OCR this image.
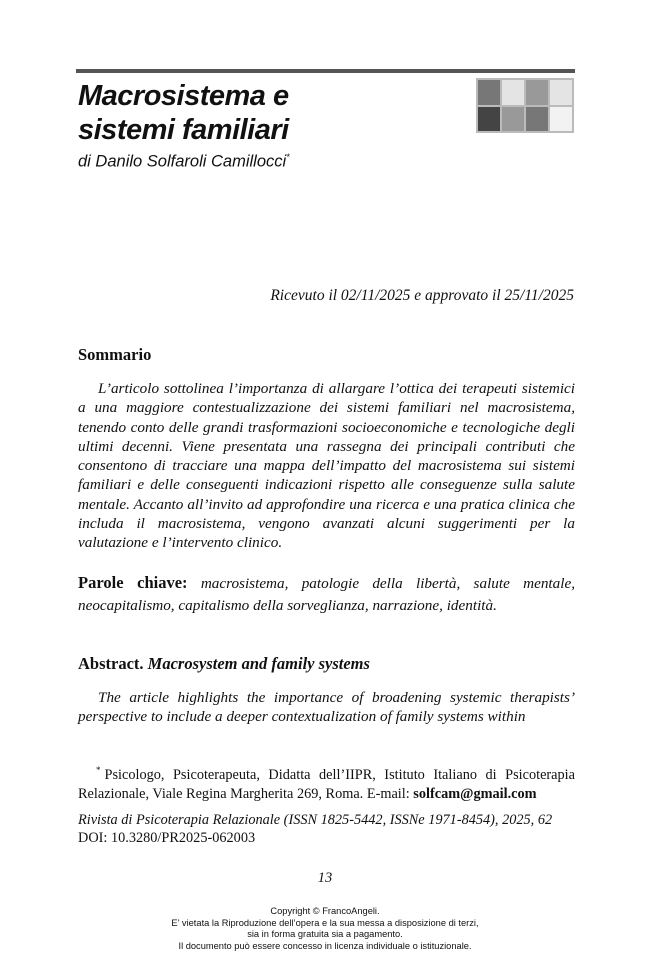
Macrosistema e
sistemi familiari
di Danilo Solfaroli Camillocci*
Ricevuto il 02/11/2025 e approvato il 25/11/2025
Sommario

L’articolo sottolinea l’importanza di allargare l’ottica dei terapeuti sistemici a una maggiore contestualizzazione dei sistemi familiari nel macrosistema, tenendo conto delle grandi trasformazioni socioeconomiche e tecnologiche degli ultimi decenni. Viene presentata una rassegna dei principali contributi che consentono di tracciare una mappa dell’impatto del macrosistema sui sistemi familiari e delle conseguenti indicazioni rispetto alle conseguenze sulla salute mentale. Accanto all’invito ad approfondire una ricerca e una pratica clinica che includa il macrosistema, vengono avanzati alcuni suggerimenti per la valutazione e l’intervento clinico.

Parole chiave: macrosistema, patologie della libertà, salute mentale, neocapitalismo, capitalismo della sorveglianza, narrazione, identità.
Abstract. Macrosystem and family systems

The article highlights the importance of broadening systemic therapists’ perspective to include a deeper contextualization of family systems within

* Psicologo, Psicoterapeuta, Didatta dell’IIPR, Istituto Italiano di Psicoterapia Relazionale, Viale Regina Margherita 269, Roma. E-mail: solfcam@gmail.com
Rivista di Psicoterapia Relazionale (ISSN 1825-5442, ISSNe 1971-8454), 2025, 62
DOI: 10.3280/PR2025-062003
13
Copyright © FrancoAngeli.
E’ vietata la Riproduzione dell’opera e la sua messa a disposizione di terzi,
sia in forma gratuita sia a pagamento.
Il documento può essere concesso in licenza individuale o istituzionale.
